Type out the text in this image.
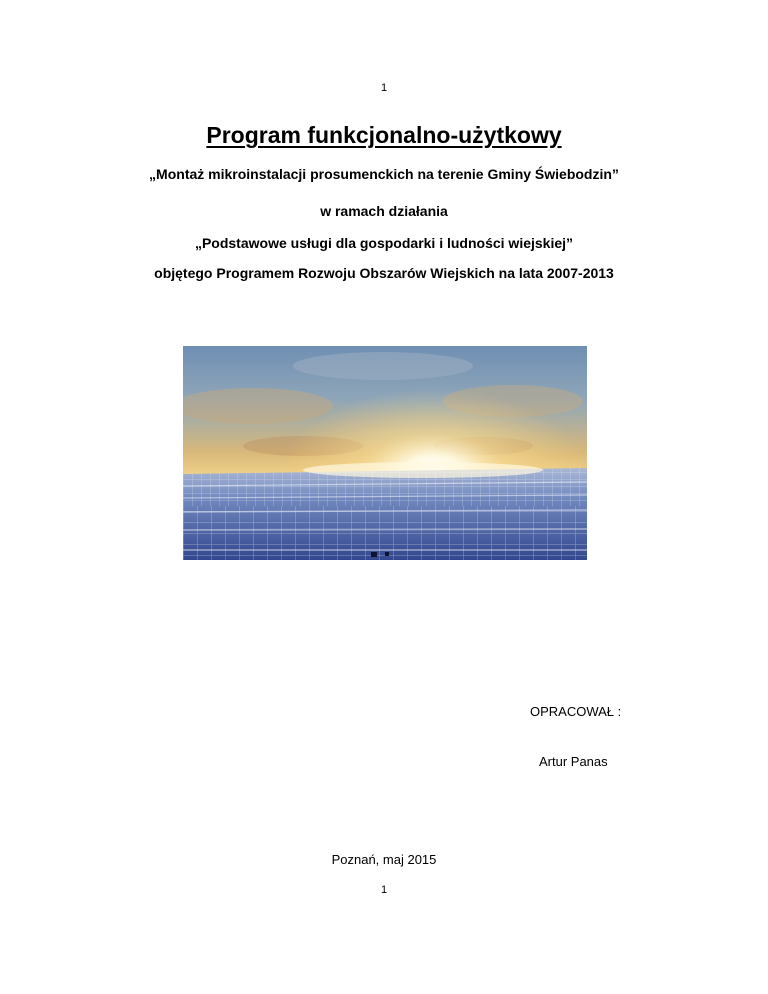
1
Program funkcjonalno-użytkowy
„Montaż mikroinstalacji prosumenckich na terenie Gminy Świebodzin”
w ramach działania
„Podstawowe usługi dla gospodarki i ludności wiejskiej”
objętego Programem Rozwoju Obszarów Wiejskich na lata 2007-2013
OPRACOWAŁ :
Artur Panas
Poznań, maj 2015
1
